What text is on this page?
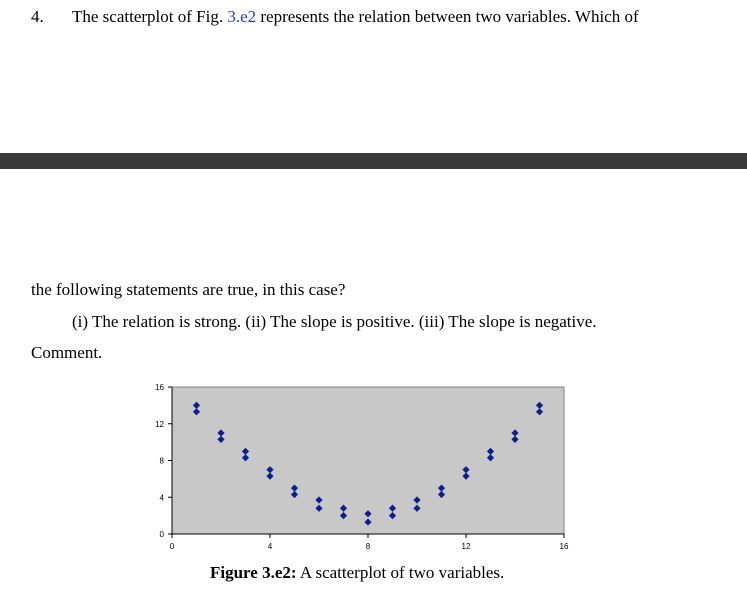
4. The scatterplot of Fig. 3.e2 represents the relation between two variables. Which of
the following statements are true, in this case?
(i) The relation is strong. (ii) The slope is positive. (iii) The slope is negative.
Comment.
0
4
8
12
16
0	4	8	12	16
Figure 3.e2: A scatterplot of two variables.
